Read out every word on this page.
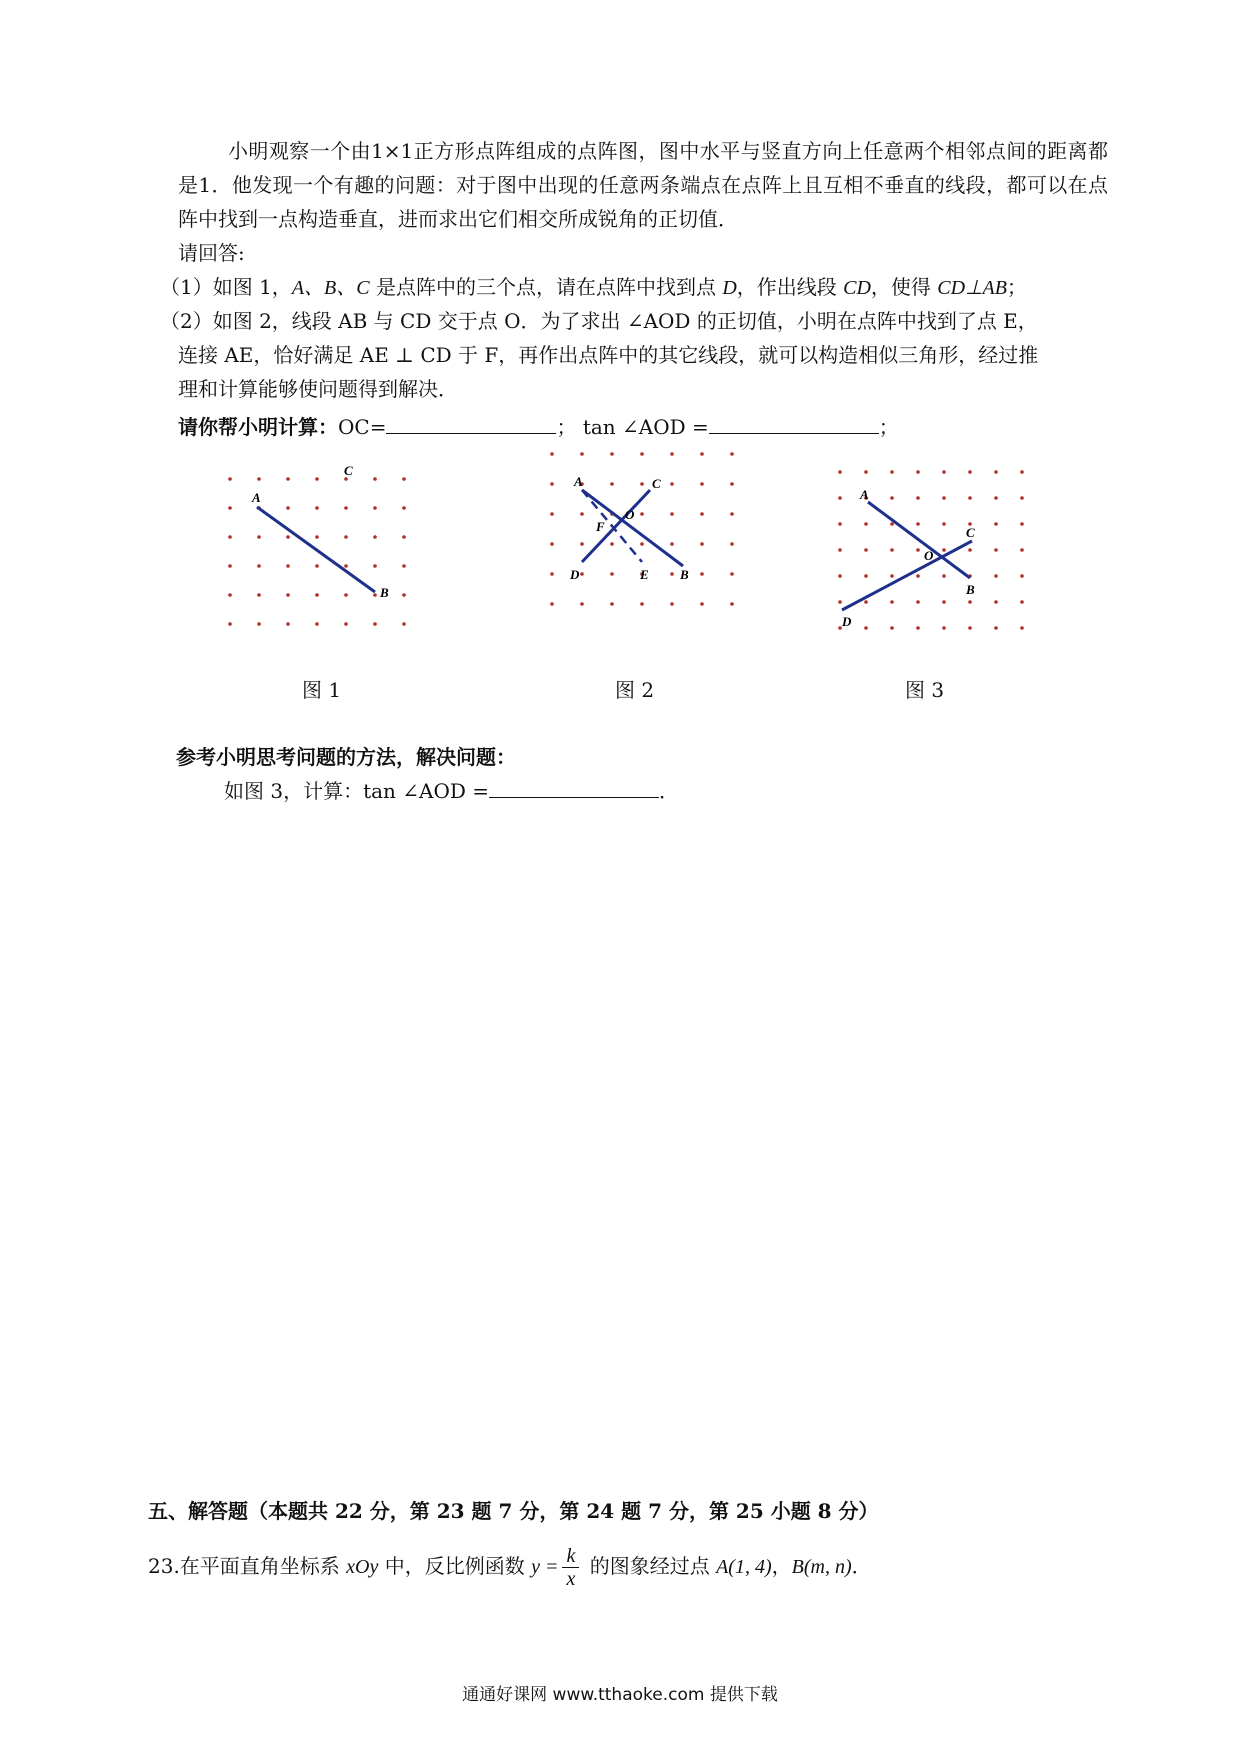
小明观察一个由1×1正方形点阵组成的点阵图，图中水平与竖直方向上任意两个相邻点间的距离都是1．他发现一个有趣的问题：对于图中出现的任意两条端点在点阵上且互相不垂直的线段，都可以在点阵中找到一点构造垂直，进而求出它们相交所成锐角的正切值．
请回答:
（1）如图 1，A、B、C 是点阵中的三个点，请在点阵中找到点 D，作出线段 CD，使得 CD⊥AB；
（2）如图 2，线段 AB 与 CD 交于点 O．为了求出 ∠AOD 的正切值，小明在点阵中找到了点 E，
连接 AE，恰好满足 AE ⊥ CD 于 F，再作出点阵中的其它线段，就可以构造相似三角形，经过推
理和计算能够使问题得到解决．
请你帮小明计算：OC=	； tan ∠AOD =	；
A
B
C
图 1
A	C
F
O
D	E B
图 2
A
C
O
B
D
图 3
参考小明思考问题的方法，解决问题：
如图 3，计算：tan ∠AOD =	．
五、解答题（本题共 22 分，第 23 题 7 分，第 24 题 7 分，第 25 小题 8 分）
23.在平面直角坐标系 xOy 中，反比例函数 $y = \frac{k}{x}$ 的图象经过点 A(1, 4)，B(m, n)．
通通好课网 www.tthaoke.com 提供下载
